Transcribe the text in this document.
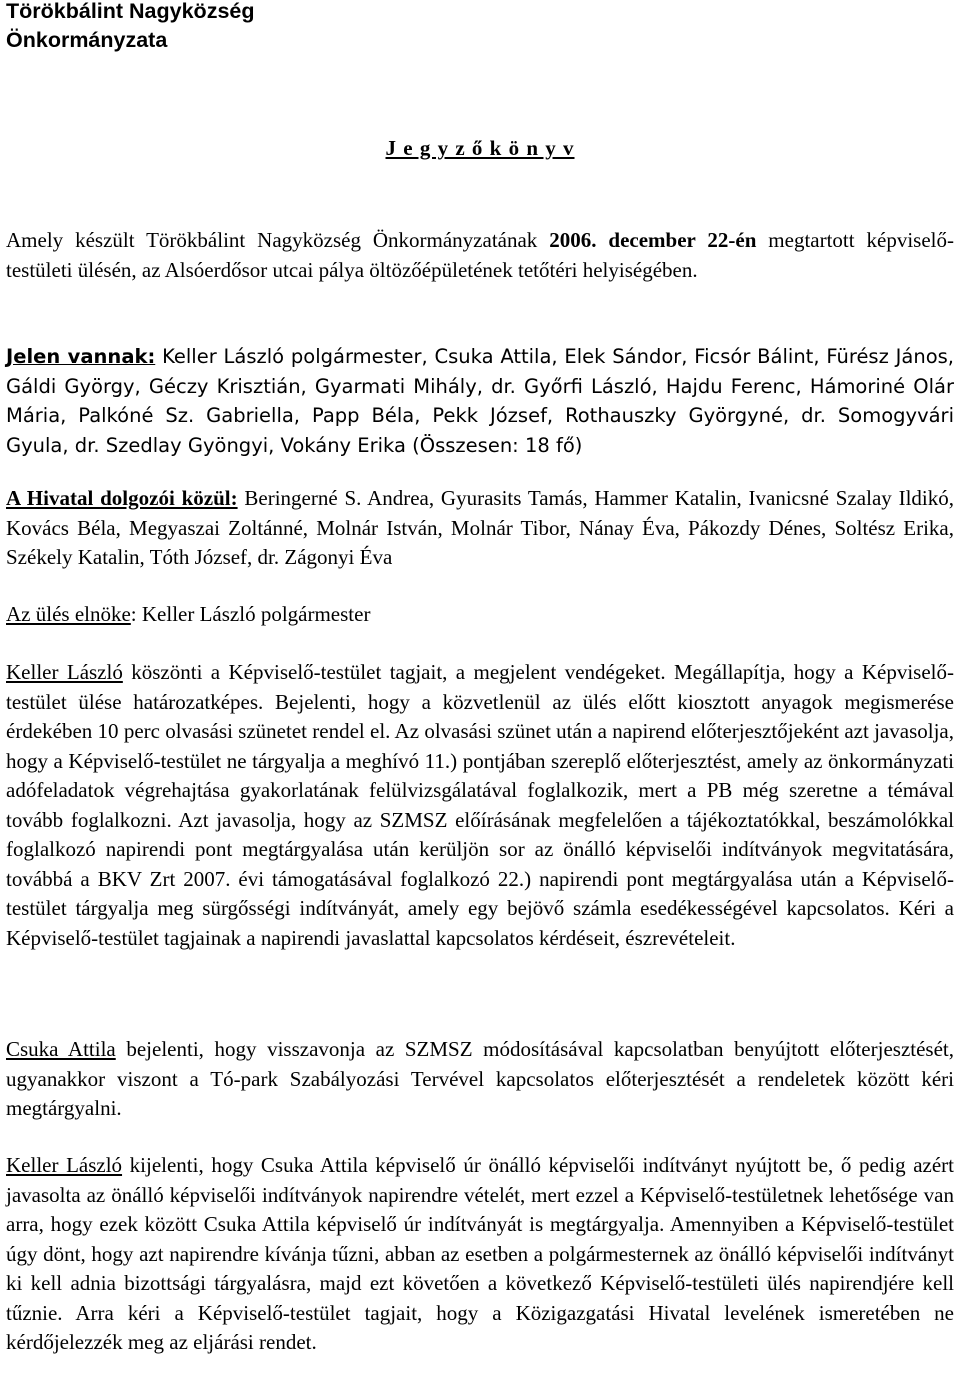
Törökbálint Nagyközség
Önkormányzata
J e g y z ő k ö n y v

Amely készült Törökbálint Nagyközség Önkormányzatának 2006. december 22-én megtartott képviselő-testületi ülésén, az Alsóerdősor utcai pálya öltözőépületének tetőtéri helyiségében.

Jelen vannak: Keller László polgármester, Csuka Attila, Elek Sándor, Ficsór Bálint, Fürész János, Gáldi György, Géczy Krisztián, Gyarmati Mihály, dr. Győrfi László, Hajdu Ferenc, Hámoriné Olár Mária, Palkóné Sz. Gabriella, Papp Béla, Pekk József, Rothauszky Györgyné, dr. Somogyvári Gyula, dr. Szedlay Gyöngyi, Vokány Erika (Összesen: 18 fő)

A Hivatal dolgozói közül: Beringerné S. Andrea, Gyurasits Tamás, Hammer Katalin, Ivanicsné Szalay Ildikó, Kovács Béla, Megyaszai Zoltánné, Molnár István, Molnár Tibor, Nánay Éva, Pákozdy Dénes, Soltész Erika, Székely Katalin, Tóth József, dr. Zágonyi Éva

Az ülés elnöke: Keller László polgármester

Keller László köszönti a Képviselő-testület tagjait, a megjelent vendégeket. Megállapítja, hogy a Képviselő-testület ülése határozatképes. Bejelenti, hogy a közvetlenül az ülés előtt kiosztott anyagok megismerése érdekében 10 perc olvasási szünetet rendel el. Az olvasási szünet után a napirend előterjesztőjeként azt javasolja, hogy a Képviselő-testület ne tárgyalja a meghívó 11.) pontjában szereplő előterjesztést, amely az önkormányzati adófeladatok végrehajtása gyakorlatának felülvizsgálatával foglalkozik, mert a PB még szeretne a témával tovább foglalkozni. Azt javasolja, hogy az SZMSZ előírásának megfelelően a tájékoztatókkal, beszámolókkal foglalkozó napirendi pont megtárgyalása után kerüljön sor az önálló képviselői indítványok megvitatására, továbbá a BKV Zrt 2007. évi támogatásával foglalkozó 22.) napirendi pont megtárgyalása után a Képviselő-testület tárgyalja meg sürgősségi indítványát, amely egy bejövő számla esedékességével kapcsolatos. Kéri a Képviselő-testület tagjainak a napirendi javaslattal kapcsolatos kérdéseit, észrevételeit.

Csuka Attila bejelenti, hogy visszavonja az SZMSZ módosításával kapcsolatban benyújtott előterjesztését, ugyanakkor viszont a Tó-park Szabályozási Tervével kapcsolatos előterjesztését a rendeletek között kéri megtárgyalni.

Keller László kijelenti, hogy Csuka Attila képviselő úr önálló képviselői indítványt nyújtott be, ő pedig azért javasolta az önálló képviselői indítványok napirendre vételét, mert ezzel a Képviselő-testületnek lehetősége van arra, hogy ezek között Csuka Attila képviselő úr indítványát is megtárgyalja. Amennyiben a Képviselő-testület úgy dönt, hogy azt napirendre kívánja tűzni, abban az esetben a polgármesternek az önálló képviselői indítványt ki kell adnia bizottsági tárgyalásra, majd ezt követően a következő Képviselő-testületi ülés napirendjére kell tűznie. Arra kéri a Képviselő-testület tagjait, hogy a Közigazgatási Hivatal levelének ismeretében ne kérdőjelezzék meg az eljárási rendet.
